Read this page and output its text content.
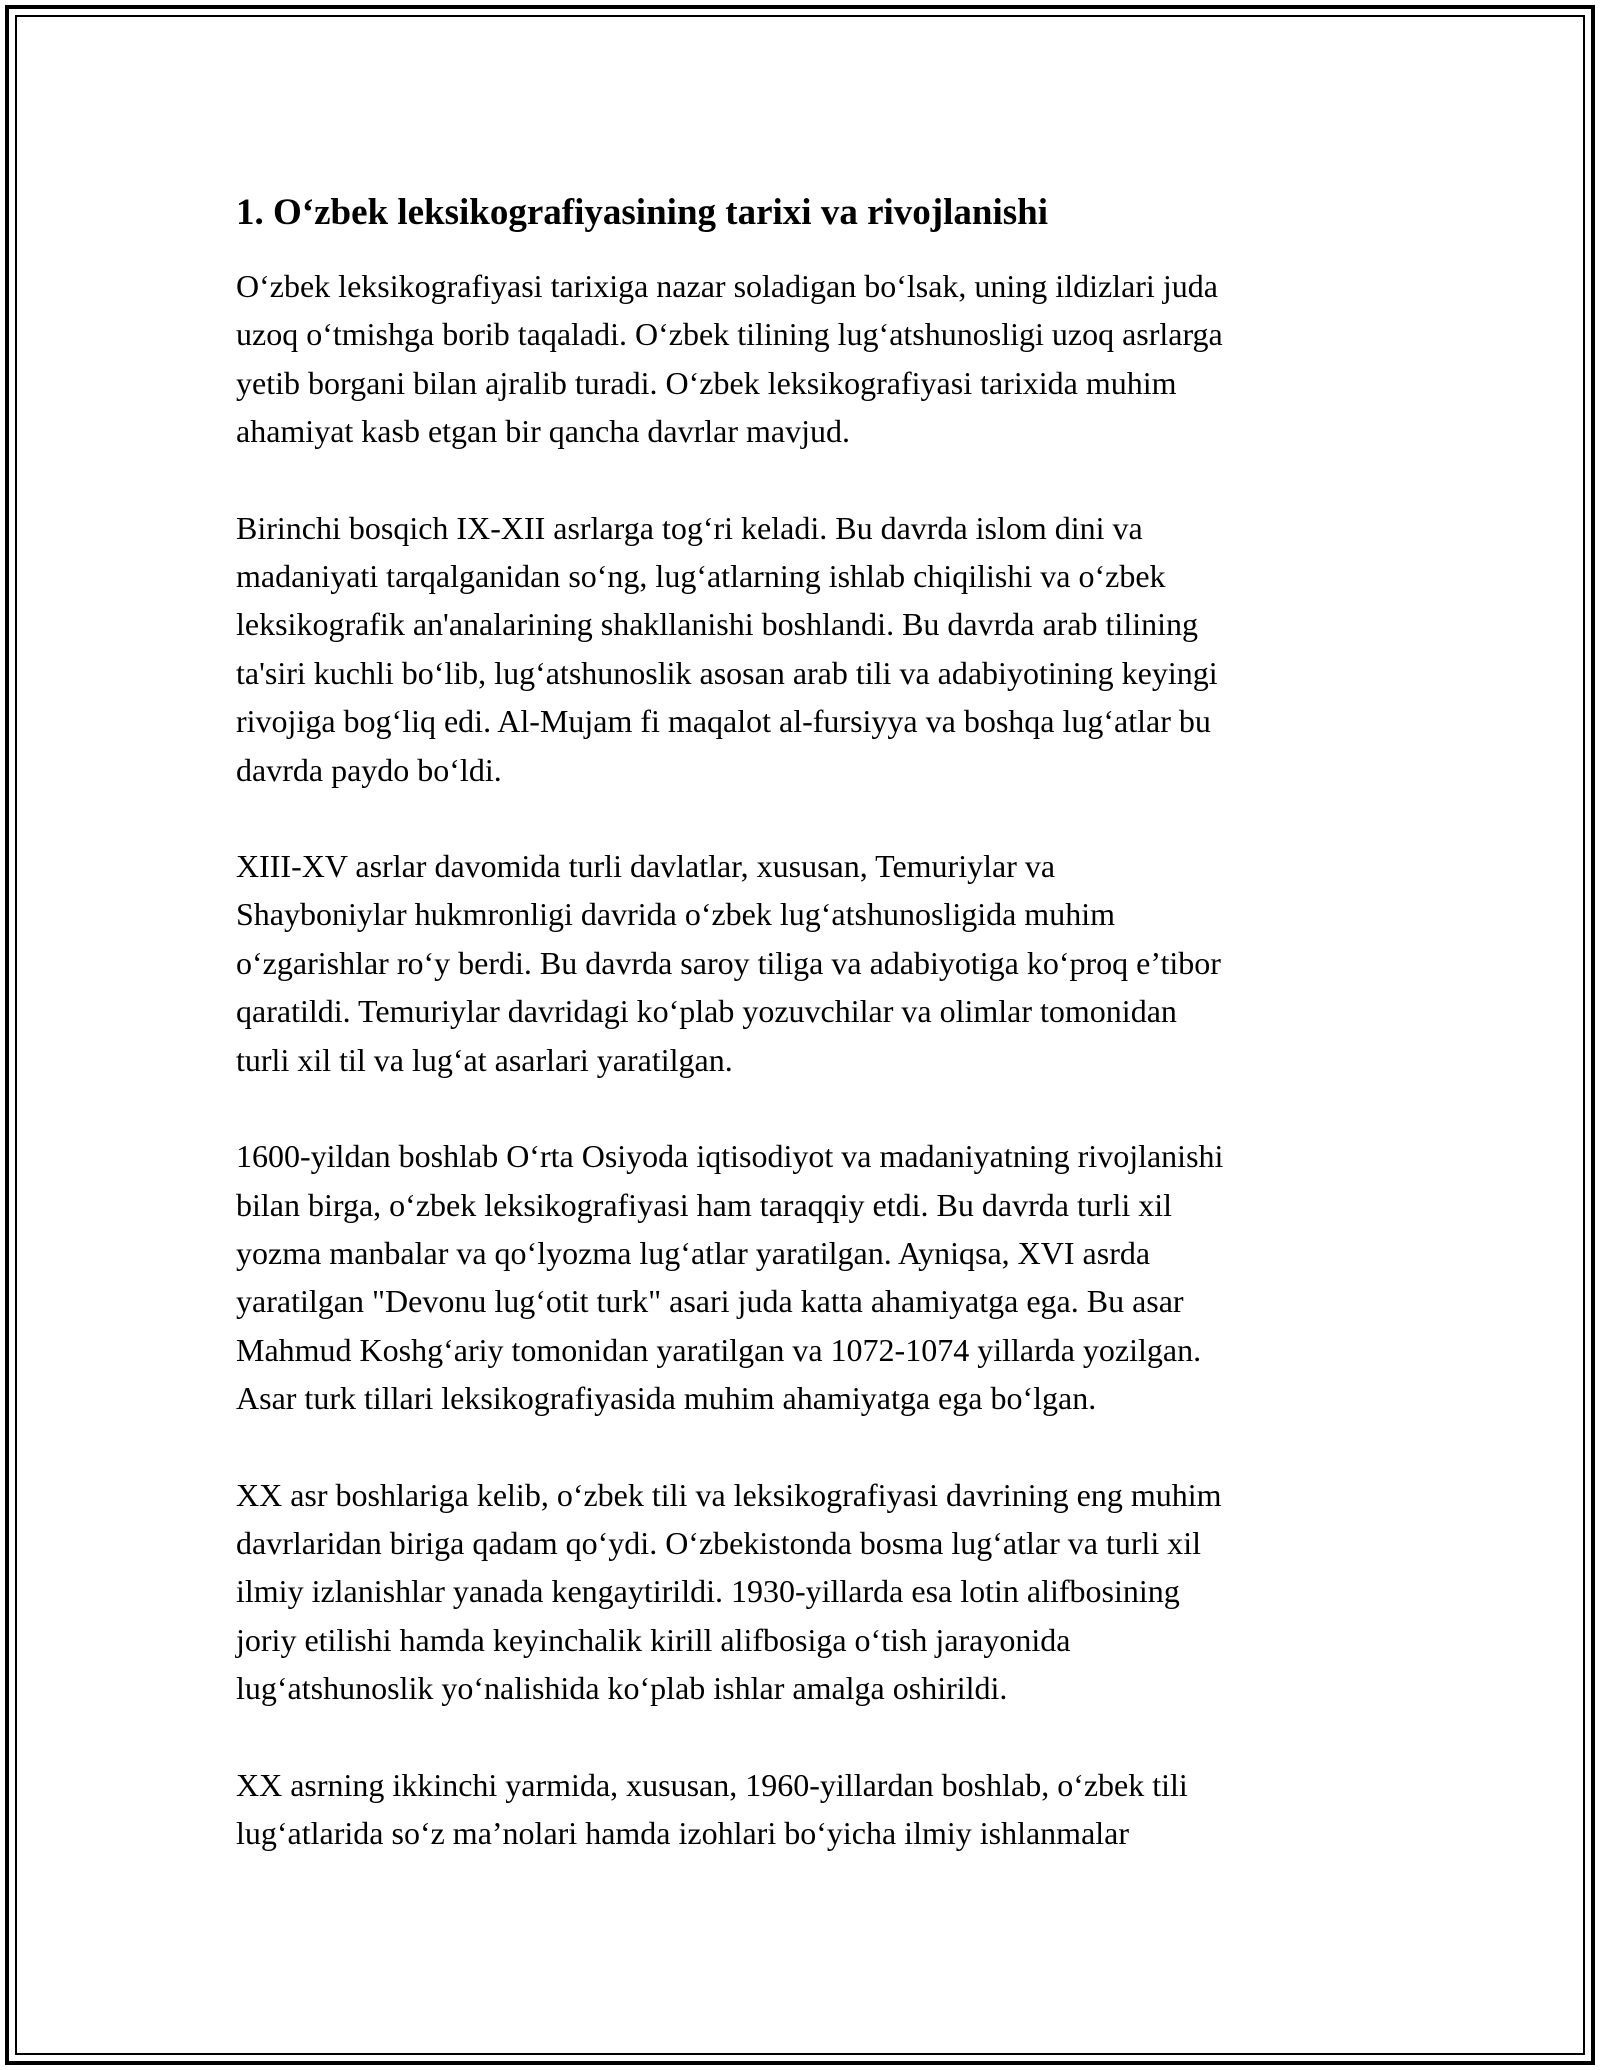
1. O‘zbek leksikografiyasining tarixi va rivojlanishi
O‘zbek leksikografiyasi tarixiga nazar soladigan bo‘lsak, uning ildizlari juda
uzoq o‘tmishga borib taqaladi. O‘zbek tilining lug‘atshunosligi uzoq asrlarga
yetib borgani bilan ajralib turadi. O‘zbek leksikografiyasi tarixida muhim
ahamiyat kasb etgan bir qancha davrlar mavjud.
Birinchi bosqich IX-XII asrlarga tog‘ri keladi. Bu davrda islom dini va
madaniyati tarqalganidan so‘ng, lug‘atlarning ishlab chiqilishi va o‘zbek
leksikografik an'analarining shakllanishi boshlandi. Bu davrda arab tilining
ta'siri kuchli bo‘lib, lug‘atshunoslik asosan arab tili va adabiyotining keyingi
rivojiga bog‘liq edi. Al-Mujam fi maqalot al-fursiyya va boshqa lug‘atlar bu
davrda paydo bo‘ldi.
XIII-XV asrlar davomida turli davlatlar, xususan, Temuriylar va
Shayboniylar hukmronligi davrida o‘zbek lug‘atshunosligida muhim
o‘zgarishlar ro‘y berdi. Bu davrda saroy tiliga va adabiyotiga ko‘proq e’tibor
qaratildi. Temuriylar davridagi ko‘plab yozuvchilar va olimlar tomonidan
turli xil til va lug‘at asarlari yaratilgan.
1600-yildan boshlab O‘rta Osiyoda iqtisodiyot va madaniyatning rivojlanishi
bilan birga, o‘zbek leksikografiyasi ham taraqqiy etdi. Bu davrda turli xil
yozma manbalar va qo‘lyozma lug‘atlar yaratilgan. Ayniqsa, XVI asrda
yaratilgan "Devonu lug‘otit turk" asari juda katta ahamiyatga ega. Bu asar
Mahmud Koshg‘ariy tomonidan yaratilgan va 1072-1074 yillarda yozilgan.
Asar turk tillari leksikografiyasida muhim ahamiyatga ega bo‘lgan.
XX asr boshlariga kelib, o‘zbek tili va leksikografiyasi davrining eng muhim
davrlaridan biriga qadam qo‘ydi. O‘zbekistonda bosma lug‘atlar va turli xil
ilmiy izlanishlar yanada kengaytirildi. 1930-yillarda esa lotin alifbosining
joriy etilishi hamda keyinchalik kirill alifbosiga o‘tish jarayonida
lug‘atshunoslik yo‘nalishida ko‘plab ishlar amalga oshirildi.
XX asrning ikkinchi yarmida, xususan, 1960-yillardan boshlab, o‘zbek tili
lug‘atlarida so‘z ma’nolari hamda izohlari bo‘yicha ilmiy ishlanmalar
